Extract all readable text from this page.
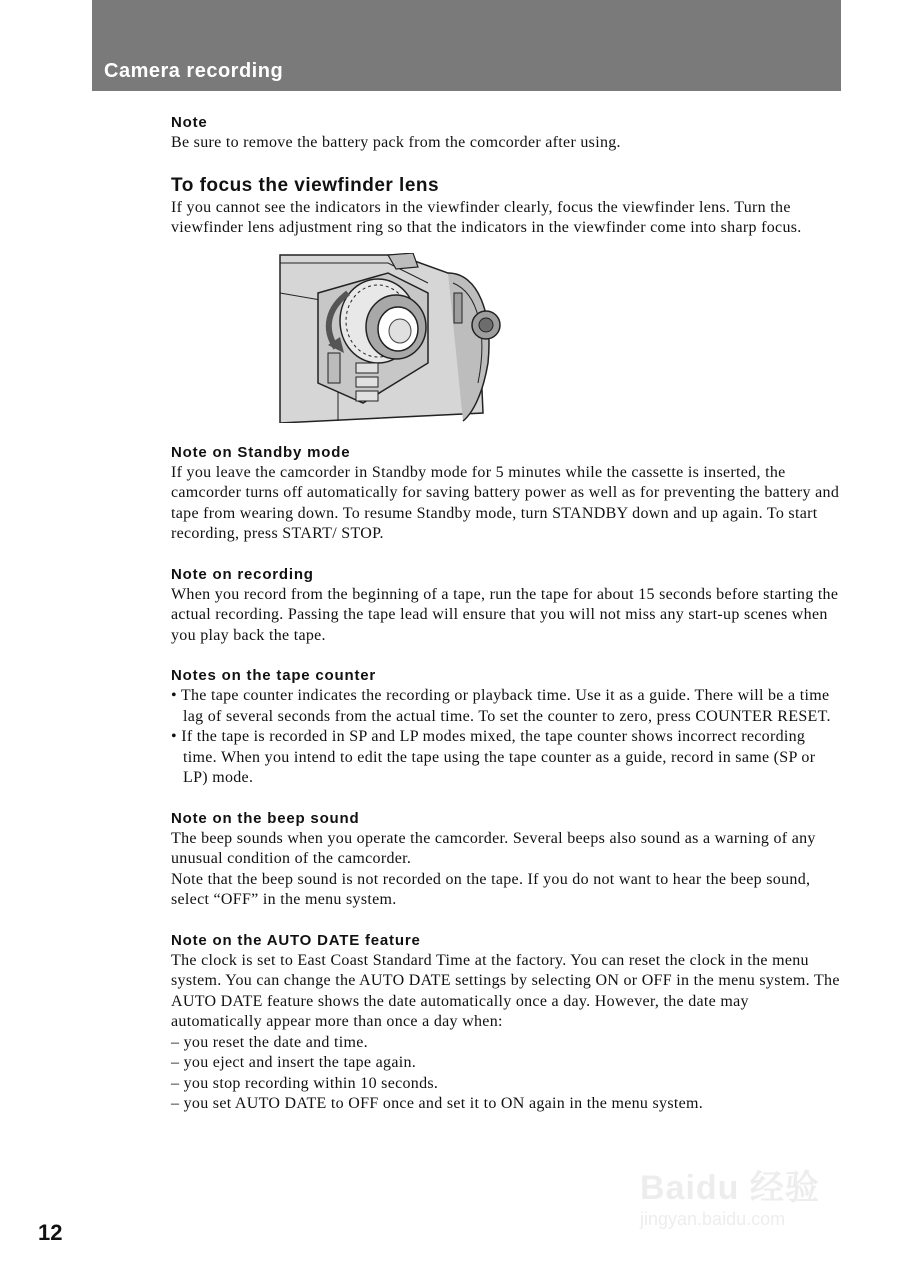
Camera recording

Note

Be sure to remove the battery pack from the comcorder after using.

To focus the viewfinder lens

If you cannot see the indicators in the viewfinder clearly, focus the viewfinder lens. Turn the viewfinder lens adjustment ring so that the indicators in the viewfinder come into sharp focus.

Note on Standby mode

If you leave the camcorder in Standby mode for 5 minutes while the cassette is inserted, the camcorder turns off automatically for saving battery power as well as for preventing the battery and tape from wearing down. To resume Standby mode, turn STANDBY down and up again. To start recording, press START/ STOP.

Note on recording

When you record from the beginning of a tape, run the tape for about 15 seconds before starting the actual recording. Passing the tape lead will ensure that you will not miss any start-up scenes when you play back the tape.

Notes on the tape counter

• The tape counter indicates the recording or playback time. Use it as a guide. There will be a time lag of several seconds from the actual time. To set the counter to zero, press COUNTER RESET.

• If the tape is recorded in SP and LP modes mixed, the tape counter shows incorrect recording time. When you intend to edit the tape using the tape counter as a guide, record in same (SP or LP) mode.

Note on the beep sound

The beep sounds when you operate the camcorder. Several beeps also sound as a warning of any unusual condition of the camcorder.

Note that the beep sound is not recorded on the tape. If you do not want to hear the beep sound, select “OFF” in the menu system.

Note on the AUTO DATE feature

The clock is set to East Coast Standard Time at the factory. You can reset the clock in the menu system. You can change the AUTO DATE settings by selecting ON or OFF in the menu system. The AUTO DATE feature shows the date automatically once a day. However, the date may automatically appear more than once a day when:

– you reset the date and time.

– you eject and insert the tape again.

– you stop recording within 10 seconds.

– you set AUTO DATE to OFF once and set it to ON again in the menu system.

Baidu 经验
jingyan.baidu.com
12
